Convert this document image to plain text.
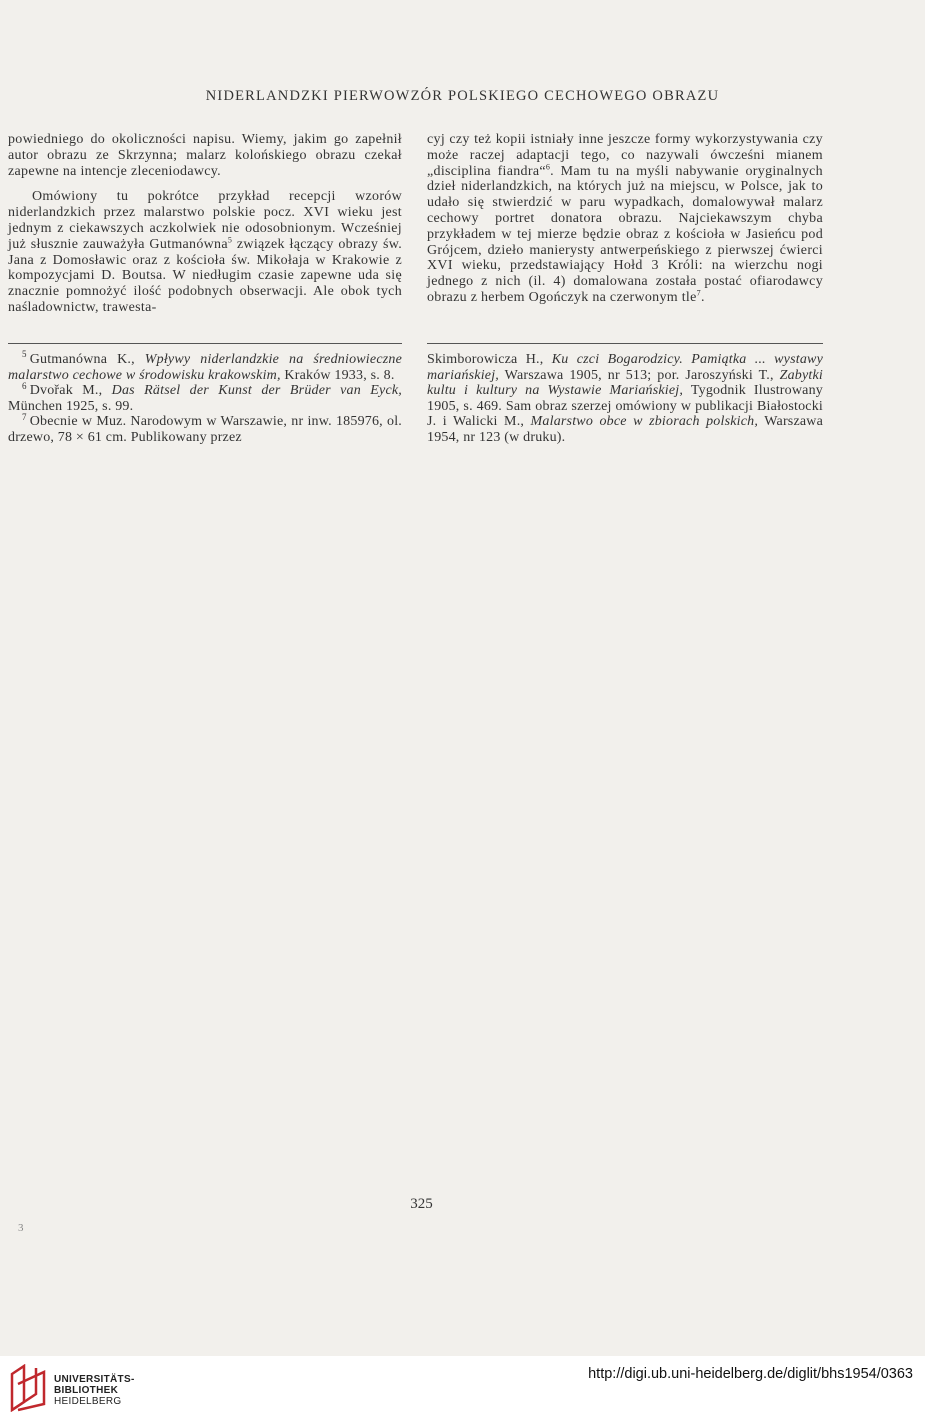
NIDERLANDZKI PIERWOWZÓR POLSKIEGO CECHOWEGO OBRAZU

powiedniego do okoliczności napisu. Wiemy, jakim go zapełnił autor obrazu ze Skrzynna; malarz kolońskiego obrazu czekał zapewne na intencje zleceniodawcy.

Omówiony tu pokrótce przykład recepcji wzorów niderlandzkich przez malarstwo polskie pocz. XVI wieku jest jednym z ciekawszych aczkolwiek nie odosobnionym. Wcześniej już słusznie zauważyła Gutmanówna$^5$ związek łączący obrazy św. Jana z Domosławic oraz z kościoła św. Mikołaja w Krakowie z kompozycjami D. Boutsa. W niedługim czasie zapewne uda się znacznie pomnożyć ilość podobnych obserwacji. Ale obok tych naśladownictw, trawesta-

cyj czy też kopii istniały inne jeszcze formy wykorzystywania czy może raczej adaptacji tego, co nazywali ówcześni mianem „disciplina fiandra“$^6$. Mam tu na myśli nabywanie oryginalnych dzieł niderlandzkich, na których już na miejscu, w Polsce, jak to udało się stwierdzić w paru wypadkach, domalowywał malarz cechowy portret donatora obrazu. Najciekawszym chyba przykładem w tej mierze będzie obraz z kościoła w Jasieńcu pod Grójcem, dzieło manierysty antwerpeńskiego z pierwszej ćwierci XVI wieku, przedstawiający Hołd 3 Króli: na wierzchu nogi jednego z nich (il. 4) domalowana została postać ofiarodawcy obrazu z herbem Ogończyk na czerwonym tle$^7$.

$^5$ Gutmanówna K., Wpływy niderlandzkie na średniowieczne malarstwo cechowe w środowisku krakowskim, Kraków 1933, s. 8.

$^6$ Dvořak M., Das Rätsel der Kunst der Brüder van Eyck, München 1925, s. 99.

$^7$ Obecnie w Muz. Narodowym w Warszawie, nr inw. 185976, ol. drzewo, 78 × 61 cm. Publikowany przez

Skimborowicza H., Ku czci Bogarodzicy. Pamiątka ... wystawy mariańskiej, Warszawa 1905, nr 513; por. Jaroszyński T., Zabytki kultu i kultury na Wystawie Mariańskiej, Tygodnik Ilustrowany 1905, s. 469. Sam obraz szerzej omówiony w publikacji Białostocki J. i Walicki M., Malarstwo obce w zbiorach polskich, Warszawa 1954, nr 123 (w druku).

325
3
UNIVERSITÄTS-
BIBLIOTHEK
HEIDELBERG
http://digi.ub.uni-heidelberg.de/diglit/bhs1954/0363
